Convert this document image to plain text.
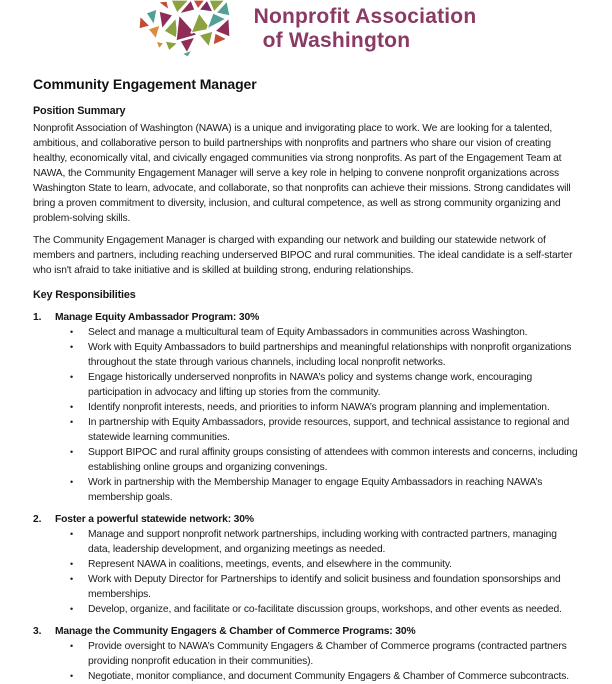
Nonprofit Association
of Washington
Community Engagement Manager
Position Summary

Nonprofit Association of Washington (NAWA) is a unique and invigorating place to work. We are looking for a talented, ambitious, and collaborative person to build partnerships with nonprofits and partners who share our vision of creating healthy, economically vital, and civically engaged communities via strong nonprofits. As part of the Engagement Team at NAWA, the Community Engagement Manager will serve a key role in helping to convene nonprofit organizations across Washington State to learn, advocate, and collaborate, so that nonprofits can achieve their missions. Strong candidates will bring a proven commitment to diversity, inclusion, and cultural competence, as well as strong community organizing and problem-solving skills.

The Community Engagement Manager is charged with expanding our network and building our statewide network of members and partners, including reaching underserved BIPOC and rural communities. The ideal candidate is a self-starter who isn't afraid to take initiative and is skilled at building strong, enduring relationships.

Key Responsibilities
1.	Manage Equity Ambassador Program: 30%
•	Select and manage a multicultural team of Equity Ambassadors in communities across Washington.
•	Work with Equity Ambassadors to build partnerships and meaningful relationships with nonprofit organizations throughout the state through various channels, including local nonprofit networks.
•	Engage historically underserved nonprofits in NAWA’s policy and systems change work, encouraging participation in advocacy and lifting up stories from the community.
•	Identify nonprofit interests, needs, and priorities to inform NAWA’s program planning and implementation.
•	In partnership with Equity Ambassadors, provide resources, support, and technical assistance to regional and statewide learning communities.
•	Support BIPOC and rural affinity groups consisting of attendees with common interests and concerns, including establishing online groups and organizing convenings.
•	Work in partnership with the Membership Manager to engage Equity Ambassadors in reaching NAWA’s membership goals.
2.	Foster a powerful statewide network: 30%
•	Manage and support nonprofit network partnerships, including working with contracted partners, managing data, leadership development, and organizing meetings as needed.
•	Represent NAWA in coalitions, meetings, events, and elsewhere in the community.
•	Work with Deputy Director for Partnerships to identify and solicit business and foundation sponsorships and memberships.
•	Develop, organize, and facilitate or co-facilitate discussion groups, workshops, and other events as needed.
3.	Manage the Community Engagers & Chamber of Commerce Programs: 30%
•	Provide oversight to NAWA’s Community Engagers & Chamber of Commerce programs (contracted partners providing nonprofit education in their communities).
•	Negotiate, monitor compliance, and document Community Engagers & Chamber of Commerce subcontracts.
